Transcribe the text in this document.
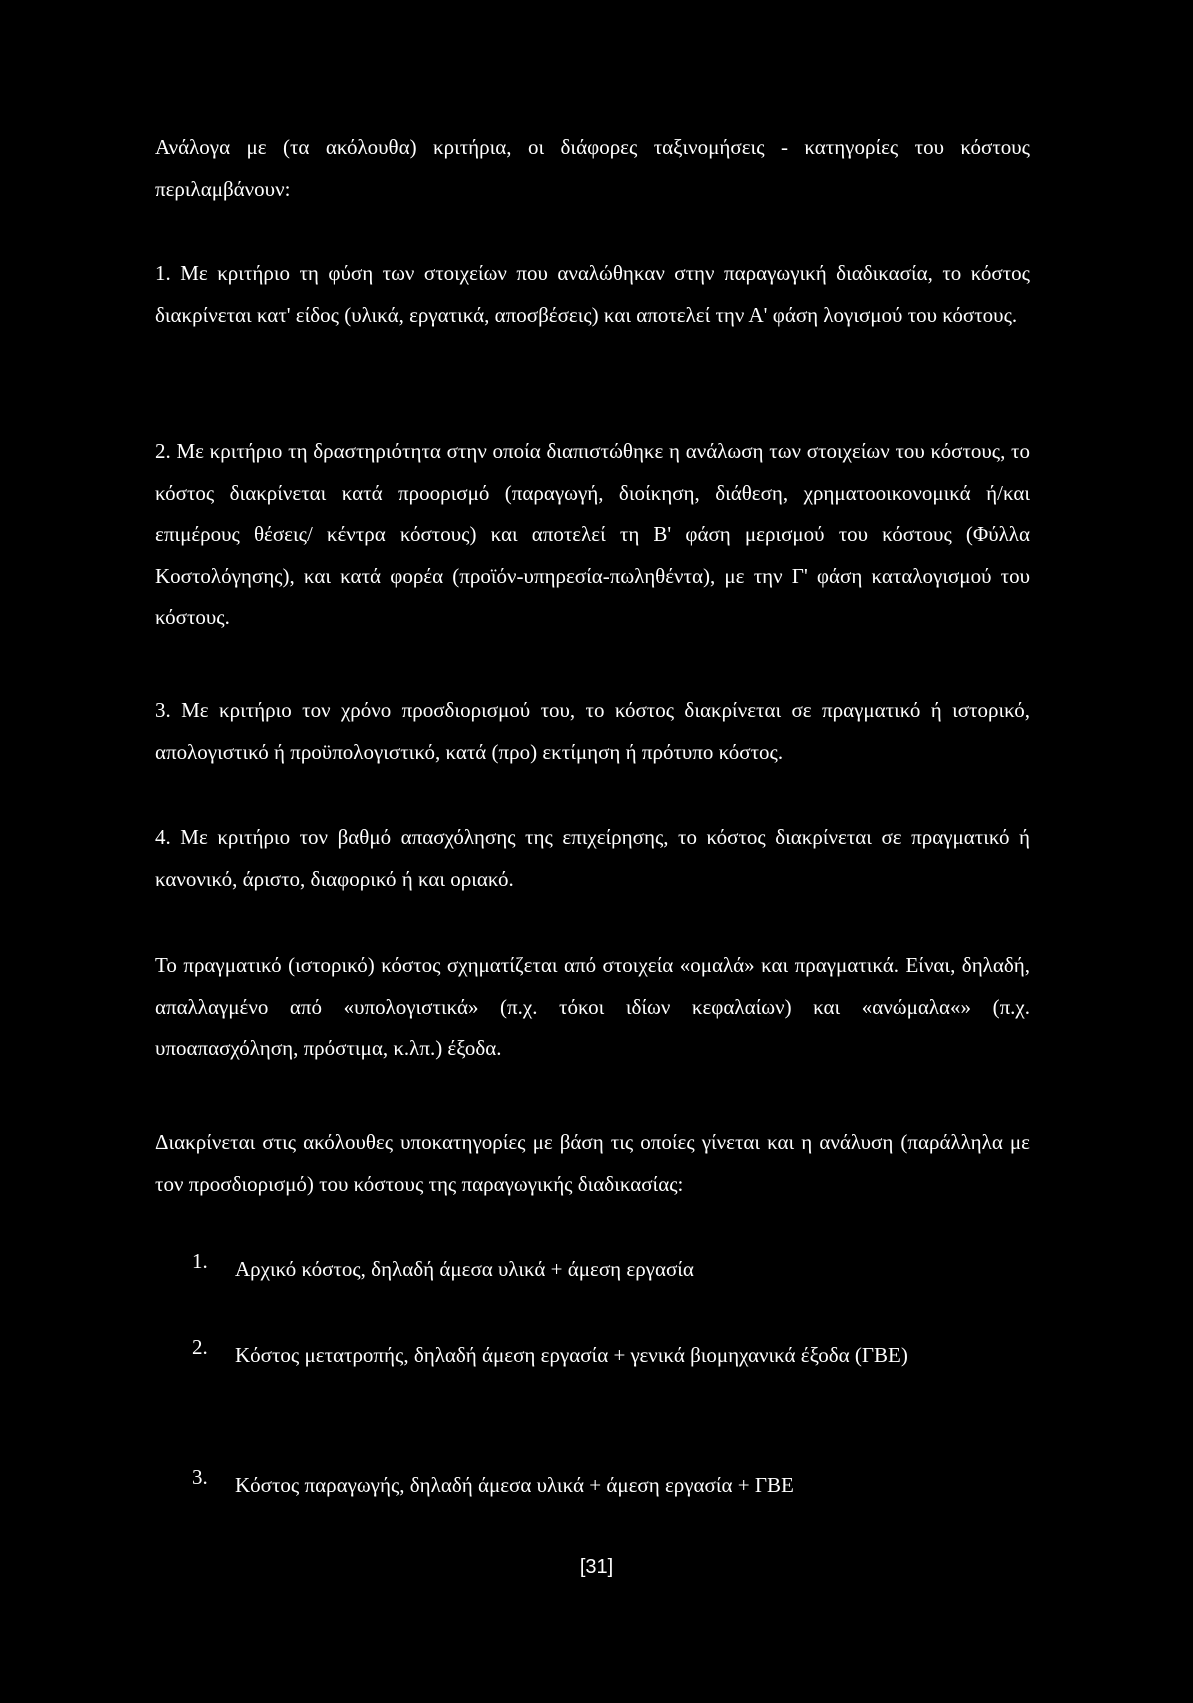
Ανάλογα με (τα ακόλουθα) κριτήρια, οι διάφορες ταξινομήσεις - κατηγορίες του κόστους περιλαμβάνουν:

1. Με κριτήριο τη φύση των στοιχείων που αναλώθηκαν στην παραγωγική διαδικασία, το κόστος διακρίνεται κατ' είδος (υλικά, εργατικά, αποσβέσεις) και αποτελεί την Α' φάση λογισμού του κόστους.

2. Με κριτήριο τη δραστηριότητα στην οποία διαπιστώθηκε η ανάλωση των στοιχείων του κόστους, το κόστος διακρίνεται κατά προορισμό (παραγωγή, διοίκηση, διάθεση, χρηματοοικονομικά ή/και επιμέρους θέσεις/ κέντρα κόστους) και αποτελεί τη Β' φάση μερισμού του κόστους (Φύλλα Κοστολόγησης), και κατά φορέα (προϊόν-υπηρεσία-πωληθέντα), με την Γ' φάση καταλογισμού του κόστους.

3. Με κριτήριο τον χρόνο προσδιορισμού του, το κόστος διακρίνεται σε πραγματικό ή ιστορικό, απολογιστικό ή προϋπολογιστικό, κατά (προ) εκτίμηση ή πρότυπο κόστος.

4. Με κριτήριο τον βαθμό απασχόλησης της επιχείρησης, το κόστος διακρίνεται σε πραγματικό ή κανονικό, άριστο, διαφορικό ή και οριακό.

Το πραγματικό (ιστορικό) κόστος σχηματίζεται από στοιχεία «ομαλά» και πραγματικά. Είναι, δηλαδή, απαλλαγμένο από «υπολογιστικά» (π.χ. τόκοι ιδίων κεφαλαίων) και «ανώμαλα«» (π.χ. υποαπασχόληση, πρόστιμα, κ.λπ.) έξοδα.

Διακρίνεται στις ακόλουθες υποκατηγορίες με βάση τις οποίες γίνεται και η ανάλυση (παράλληλα με τον προσδιορισμό) του κόστους της παραγωγικής διαδικασίας:

1.	Αρχικό κόστος, δηλαδή άμεσα υλικά + άμεση εργασία
2.	Κόστος μετατροπής, δηλαδή άμεση εργασία + γενικά βιομηχανικά έξοδα (ΓΒΕ)
3.	Κόστος παραγωγής, δηλαδή άμεσα υλικά + άμεση εργασία + ΓΒΕ
[31]
